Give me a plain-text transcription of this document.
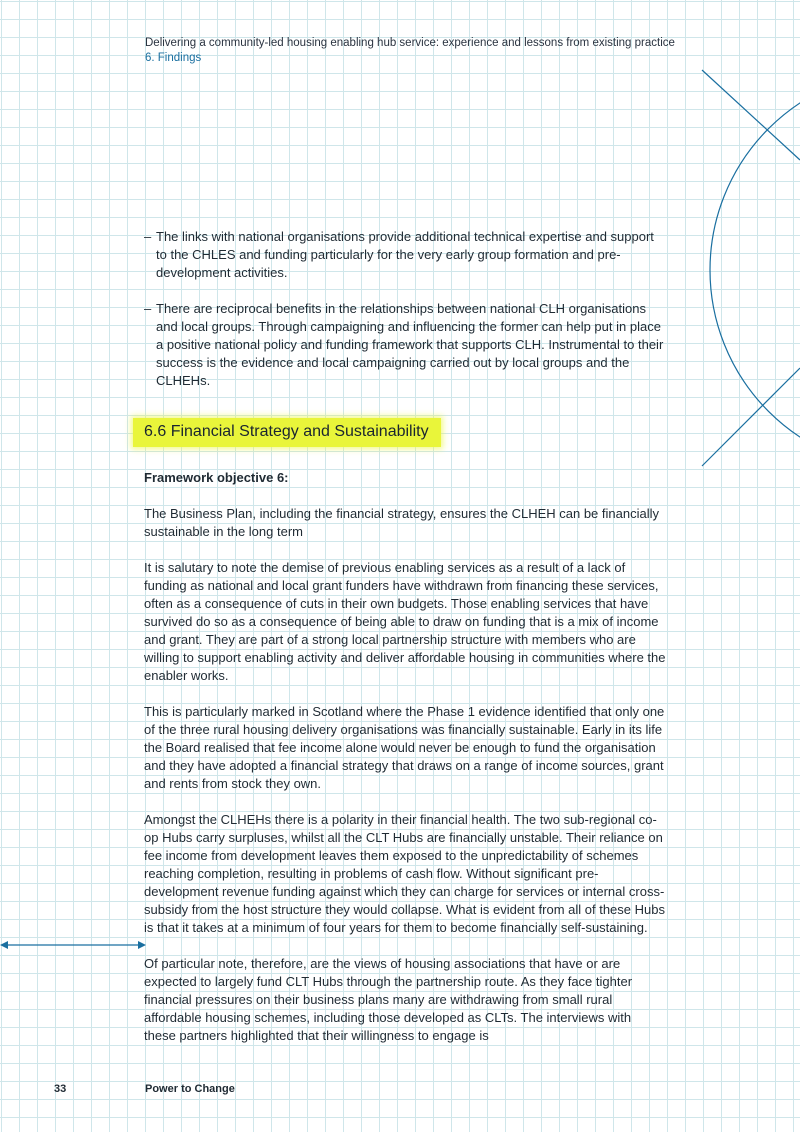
Delivering a community-led housing enabling hub service: experience and lessons from existing practice
6. Findings
– The links with national organisations provide additional technical expertise and support to the CHLES and funding particularly for the very early group formation and pre-development activities.
– There are reciprocal benefits in the relationships between national CLH organisations and local groups. Through campaigning and influencing the former can help put in place a positive national policy and funding framework that supports CLH. Instrumental to their success is the evidence and local campaigning carried out by local groups and the CLHEHs.
6.6 Financial Strategy and Sustainability

Framework objective 6:

The Business Plan, including the financial strategy, ensures the CLHEH can be financially sustainable in the long term

It is salutary to note the demise of previous enabling services as a result of a lack of funding as national and local grant funders have withdrawn from financing these services, often as a consequence of cuts in their own budgets. Those enabling services that have survived do so as a consequence of being able to draw on funding that is a mix of income and grant. They are part of a strong local partnership structure with members who are willing to support enabling activity and deliver affordable housing in communities where the enabler works.

This is particularly marked in Scotland where the Phase 1 evidence identified that only one of the three rural housing delivery organisations was financially sustainable. Early in its life the Board realised that fee income alone would never be enough to fund the organisation and they have adopted a financial strategy that draws on a range of income sources, grant and rents from stock they own.

Amongst the CLHEHs there is a polarity in their financial health. The two sub-regional co-op Hubs carry surpluses, whilst all the CLT Hubs are financially unstable. Their reliance on fee income from development leaves them exposed to the unpredictability of schemes reaching completion, resulting in problems of cash flow. Without significant pre-development revenue funding against which they can charge for services or internal cross-subsidy from the host structure they would collapse. What is evident from all of these Hubs is that it takes at a minimum of four years for them to become financially self-sustaining.

Of particular note, therefore, are the views of housing associations that have or are expected to largely fund CLT Hubs through the partnership route. As they face tighter financial pressures on their business plans many are withdrawing from small rural affordable housing schemes, including those developed as CLTs. The interviews with these partners highlighted that their willingness to engage is

33	Power to Change
